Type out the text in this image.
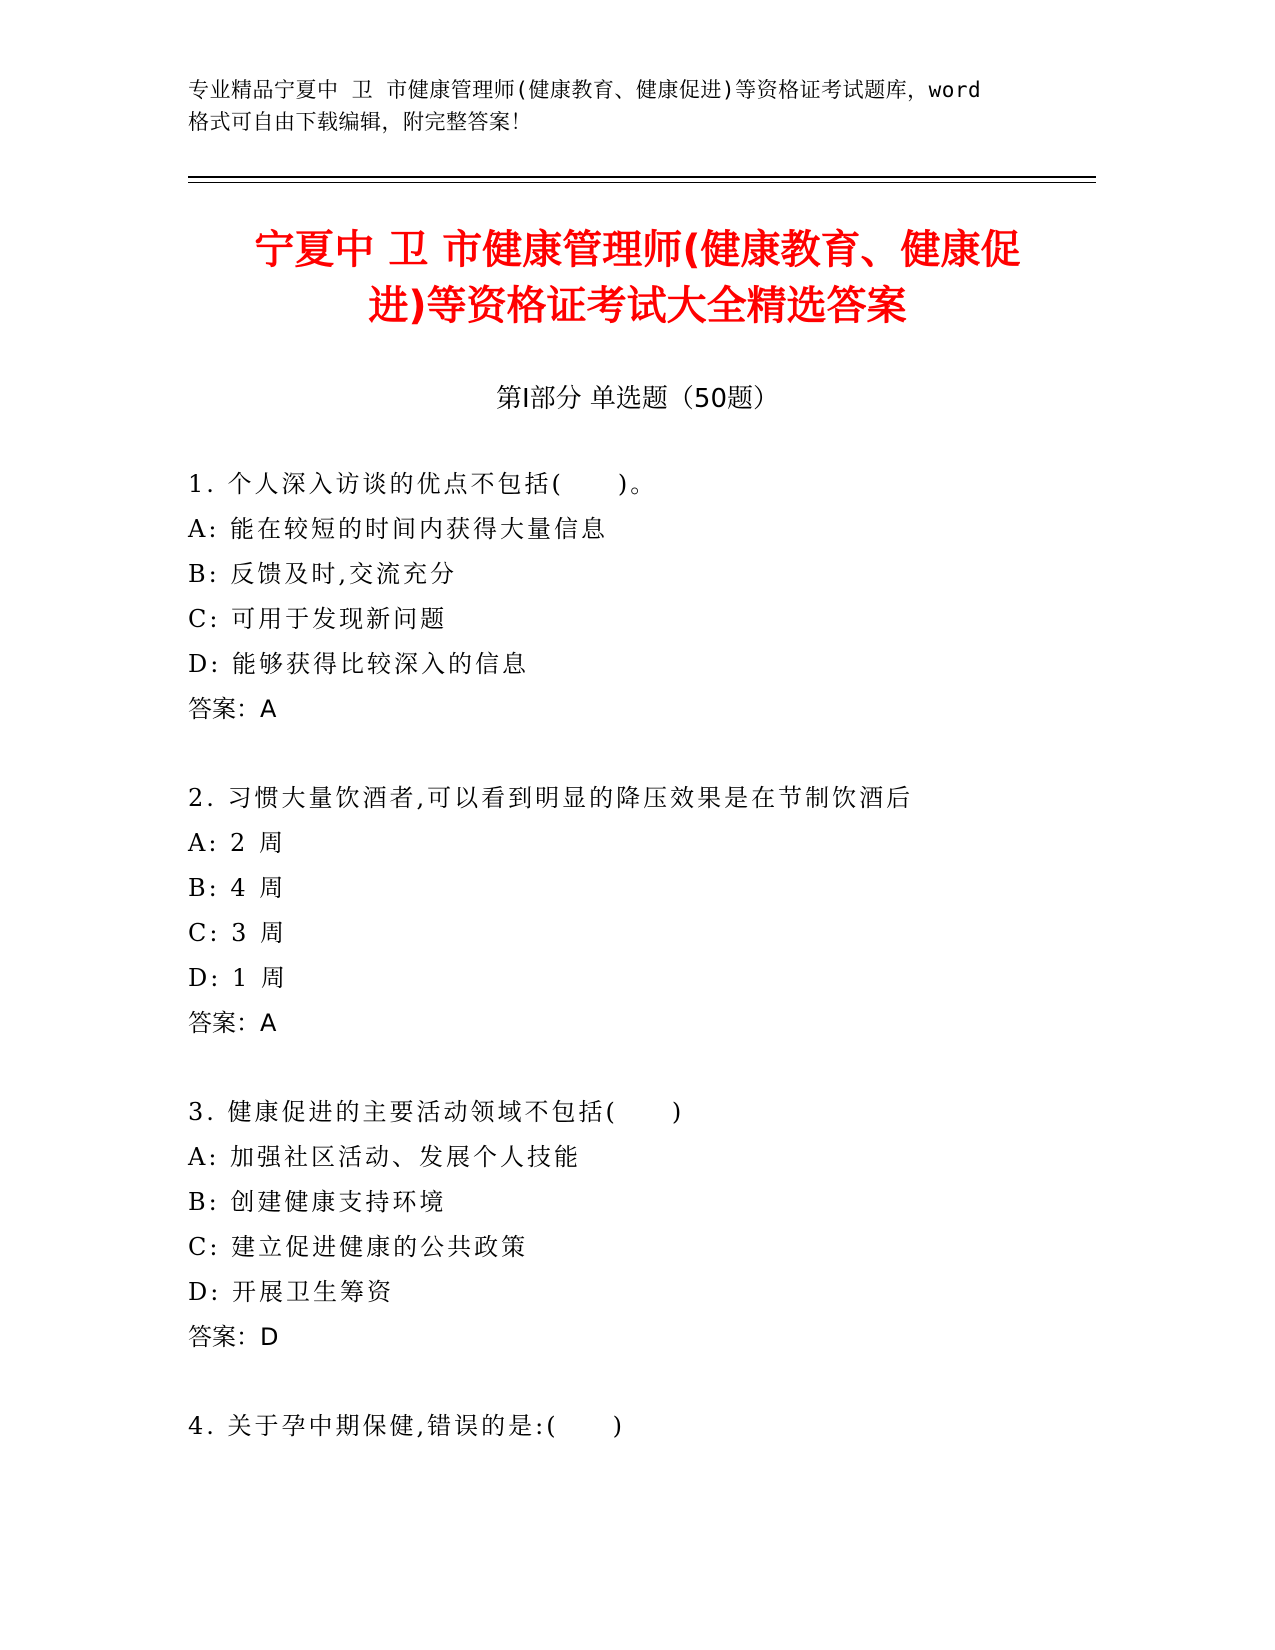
专业精品宁夏中 卫 市健康管理师(健康教育、健康促进)等资格证考试题库，word
格式可自由下载编辑，附完整答案！
宁夏中 卫 市健康管理师(健康教育、健康促
进)等资格证考试大全精选答案
第Ⅰ部分 单选题（50题）
1. 个人深入访谈的优点不包括(　　)。
A: 能在较短的时间内获得大量信息
B: 反馈及时,交流充分
C: 可用于发现新问题
D: 能够获得比较深入的信息
答案：A
2. 习惯大量饮酒者,可以看到明显的降压效果是在节制饮酒后
A: 2 周
B: 4 周
C: 3 周
D: 1 周
答案：A
3. 健康促进的主要活动领域不包括(　　)
A: 加强社区活动、发展个人技能
B: 创建健康支持环境
C: 建立促进健康的公共政策
D: 开展卫生筹资
答案：D
4. 关于孕中期保健,错误的是:(　　)
